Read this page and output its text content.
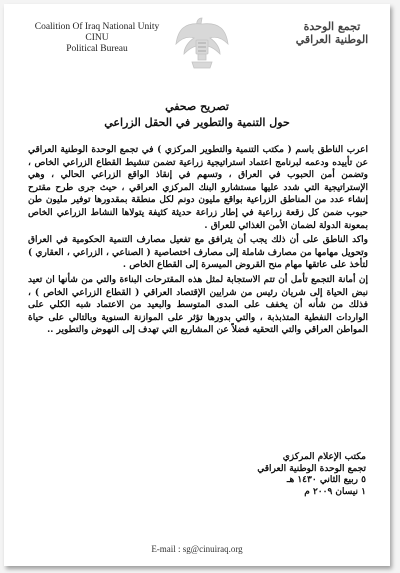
Coalition Of Iraq National Unity
CINU
Political Bureau
تجمع الوحدة الوطنية العراقي
تصريح صحفي
حول التنمية والتطوير في الحقل الزراعي

اعرب الناطق باسم ( مكتب التنمية والتطوير المركزي ) في تجمع الوحدة الوطنية العراقي عن تأييده ودعمه لبرنامج اعتماد استراتيجية زراعية تضمن تنشيط القطاع الزراعي الخاص ، وتضمن أمن الحبوب في العراق ، وتسهم في إنقاذ الواقع الزراعي الحالي ، وهي الإستراتيجية التي شدد عليها مستشارو البنك المركزي العراقي ، حيث جرى طرح مقترح إنشاء عدد من المناطق الزراعية بواقع مليون دونم لكل منطقة بمقدورها توفير مليون طن حبوب ضمن كل زقعة زراعية في إطار زراعة حديثة كثيفة يتولاها النشاط الزراعي الخاص بمعونة الدولة لضمان الأمن الغذائي للعراق .

واكد الناطق على أن ذلك يجب أن يترافق مع تفعيل مصارف التنمية الحكومية في العراق وتحويل مهامها من مصارف شاملة إلى مصارف اختصاصية ( الصناعي ، الزراعي ، العقاري ) لتأخذ على عاتقها مهام منح القروض الميسرة إلى القطاع الخاص .

إن أمانة التجمع تأمل أن تتم الاستجابة لمثل هذه المقترحات البناءة والتي من شأنها ان تعيد نبض الحياة إلى شريان رئيس من شرايين الإقتصاد العراقي ( القطاع الزراعي الخاص ) ، فذلك من شأنه أن يخفف على المدى المتوسط والبعيد من الاعتماد شبه الكلي على الواردات النفطية المتذبذبة ، والتي بدورها تؤثر على الموازنة السنوية وبالتالي على حياة المواطن العراقي والتي التحقيه فضلاً عن المشاريع التي تهدف إلى النهوض والتطوير ..

مكتب الإعلام المركزي
تجمع الوحدة الوطنية العراقي
٥ ربيع الثاني ١٤٣٠ هـ
١ نيسان ٢٠٠٩ م
E-mail : sg@cinuiraq.org
